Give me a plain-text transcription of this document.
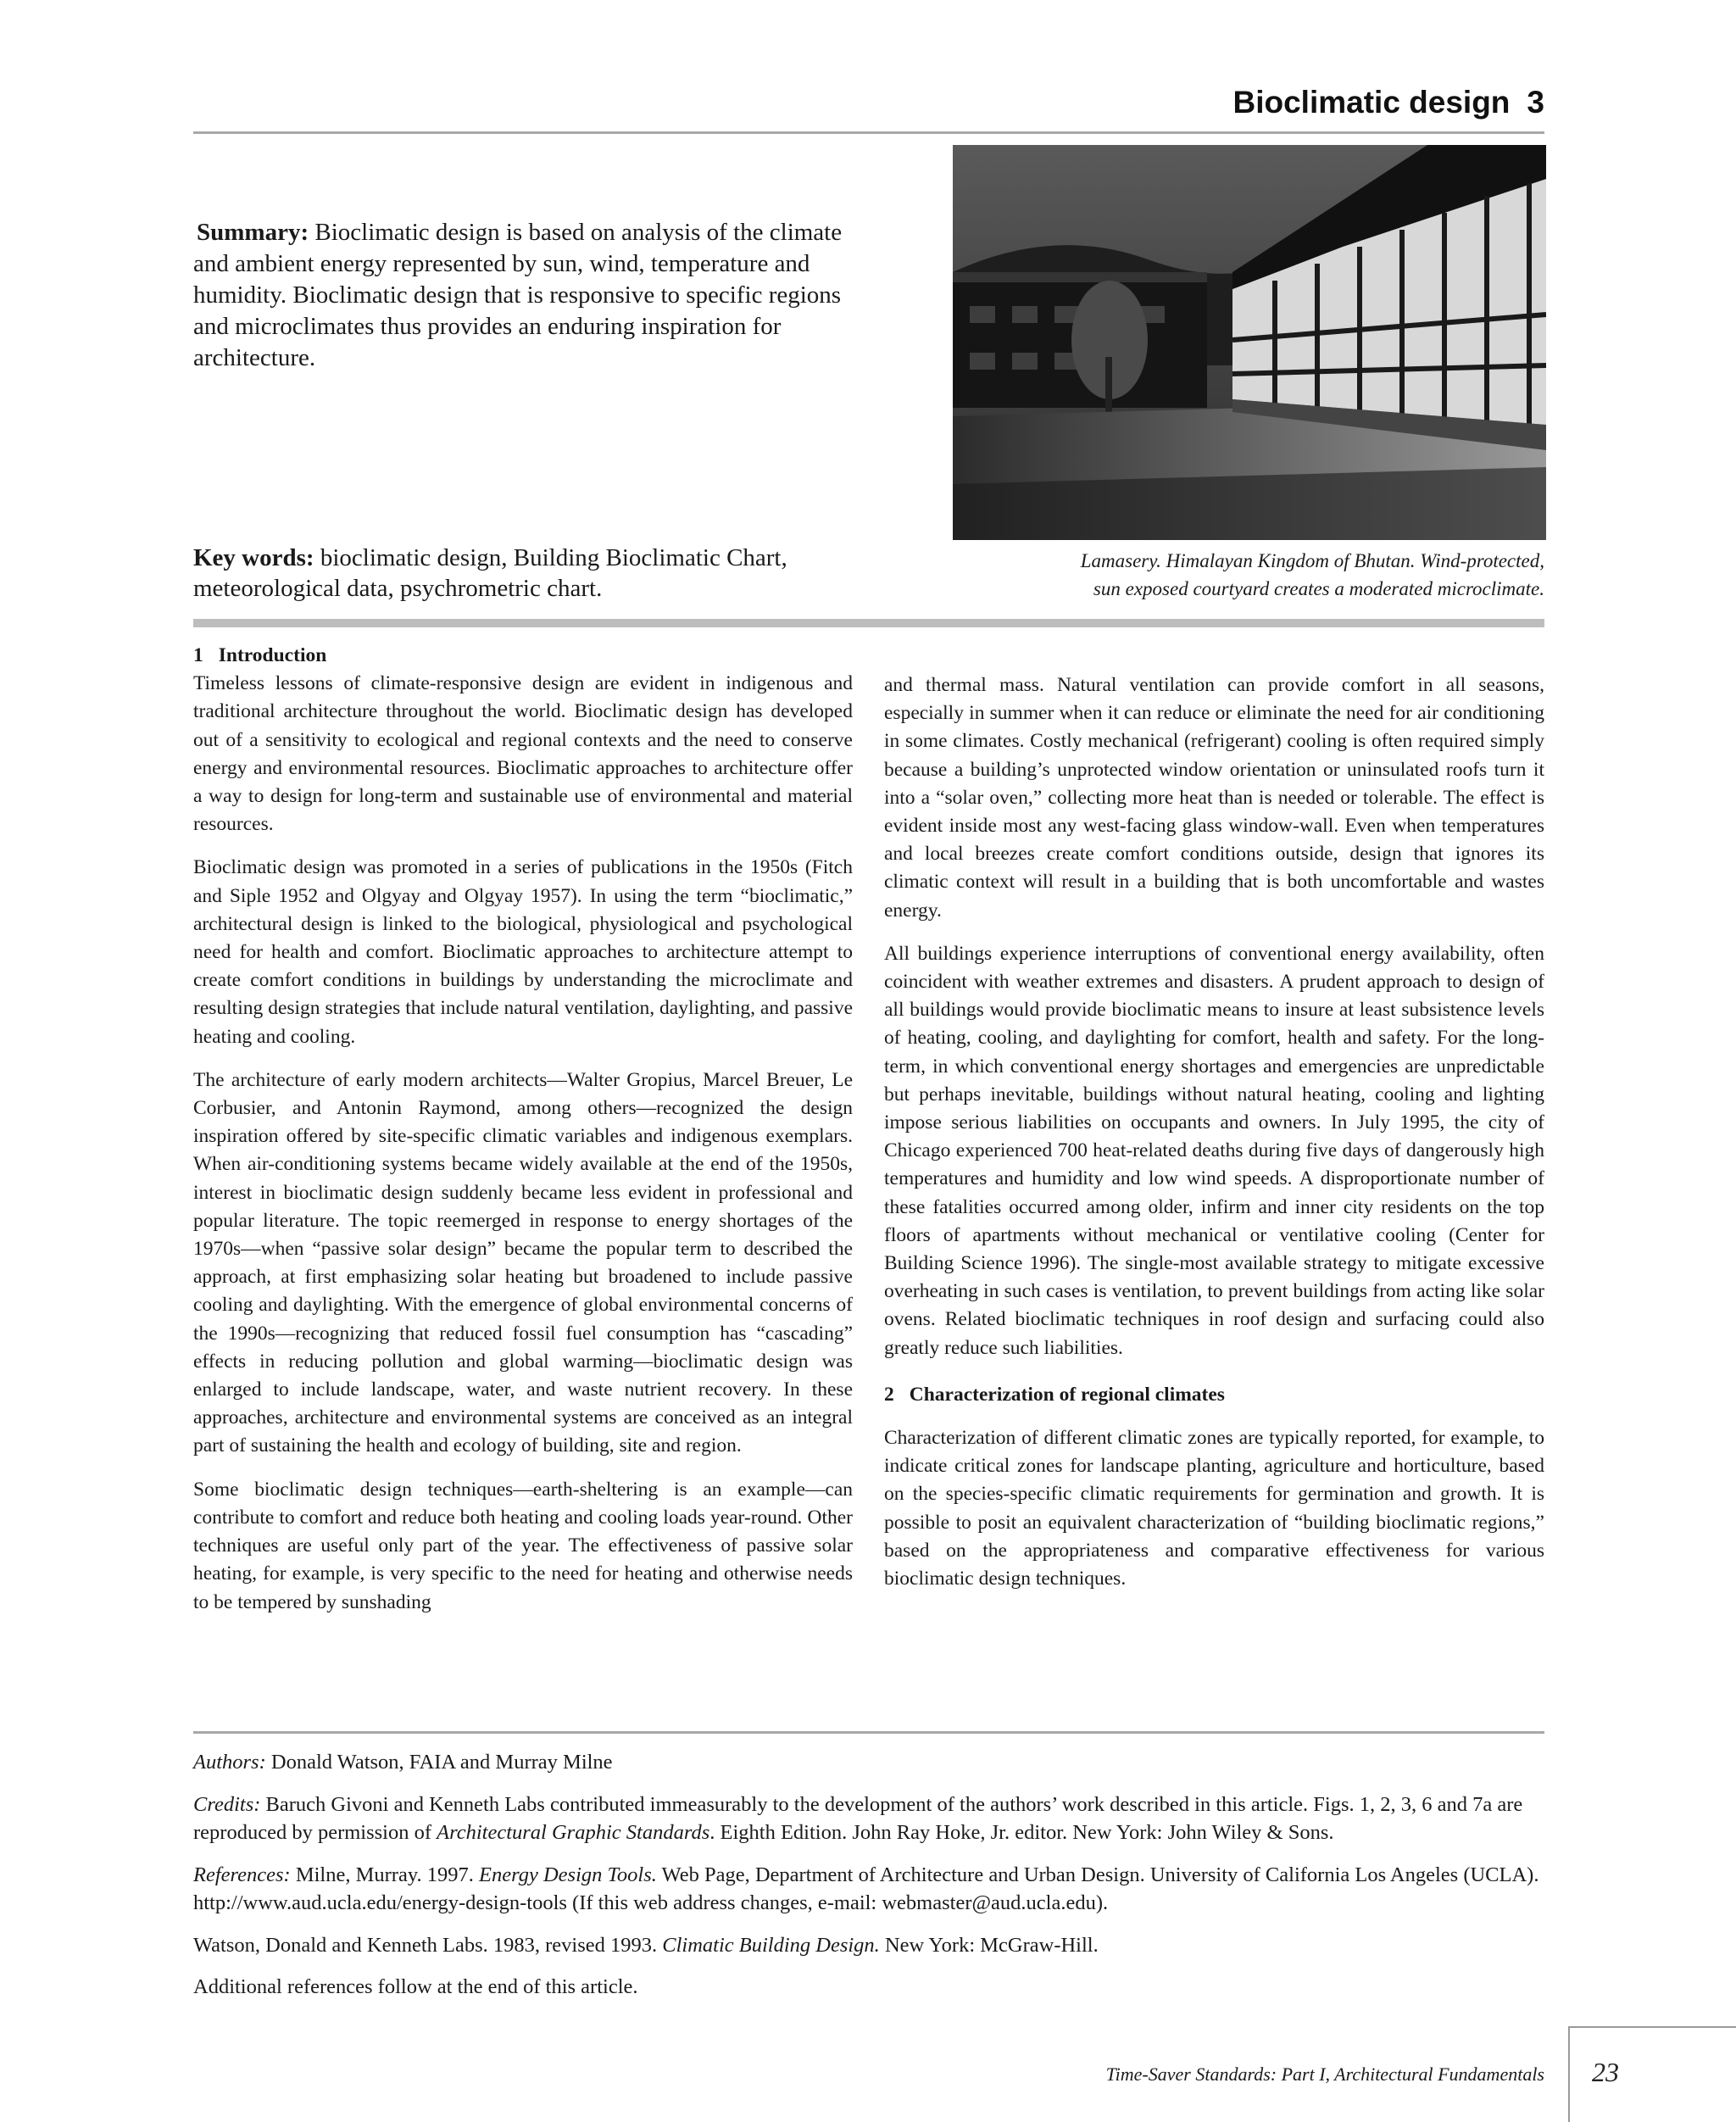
Bioclimatic design 3
Summary: Bioclimatic design is based on analysis of the climate and ambient energy represented by sun, wind, temperature and humidity. Bioclimatic design that is responsive to specific regions and microclimates thus provides an enduring inspiration for architecture.
Key words: bioclimatic design, Building Bioclimatic Chart, meteorological data, psychrometric chart.
Lamasery. Himalayan Kingdom of Bhutan. Wind-protected,
sun exposed courtyard creates a moderated microclimate.
1 Introduction

Timeless lessons of climate-responsive design are evident in indigenous and traditional architecture throughout the world. Bioclimatic design has developed out of a sensitivity to ecological and regional contexts and the need to conserve energy and environmental resources. Bioclimatic approaches to architecture offer a way to design for long-term and sustainable use of environmental and material resources.

Bioclimatic design was promoted in a series of publications in the 1950s (Fitch and Siple 1952 and Olgyay and Olgyay 1957). In using the term “bioclimatic,” architectural design is linked to the biological, physiological and psychological need for health and comfort. Bioclimatic approaches to architecture attempt to create comfort conditions in buildings by understanding the microclimate and resulting design strategies that include natural ventilation, daylighting, and passive heating and cooling.

The architecture of early modern architects—Walter Gropius, Marcel Breuer, Le Corbusier, and Antonin Raymond, among others—recognized the design inspiration offered by site-specific climatic variables and indigenous exemplars. When air-conditioning systems became widely available at the end of the 1950s, interest in bioclimatic design suddenly became less evident in professional and popular literature. The topic reemerged in response to energy shortages of the 1970s—when “passive solar design” became the popular term to described the approach, at first emphasizing solar heating but broadened to include passive cooling and daylighting. With the emergence of global environmental concerns of the 1990s—recognizing that reduced fossil fuel consumption has “cascading” effects in reducing pollution and global warming—bioclimatic design was enlarged to include landscape, water, and waste nutrient recovery. In these approaches, architecture and environmental systems are conceived as an integral part of sustaining the health and ecology of building, site and region.

Some bioclimatic design techniques—earth-sheltering is an example—can contribute to comfort and reduce both heating and cooling loads year-round. Other techniques are useful only part of the year. The effectiveness of passive solar heating, for example, is very specific to the need for heating and otherwise needs to be tempered by sunshading

and thermal mass. Natural ventilation can provide comfort in all seasons, especially in summer when it can reduce or eliminate the need for air conditioning in some climates. Costly mechanical (refrigerant) cooling is often required simply because a building’s unprotected window orientation or uninsulated roofs turn it into a “solar oven,” collecting more heat than is needed or tolerable. The effect is evident inside most any west-facing glass window-wall. Even when temperatures and local breezes create comfort conditions outside, design that ignores its climatic context will result in a building that is both uncomfortable and wastes energy.

All buildings experience interruptions of conventional energy availability, often coincident with weather extremes and disasters. A prudent approach to design of all buildings would provide bioclimatic means to insure at least subsistence levels of heating, cooling, and daylighting for comfort, health and safety. For the long-term, in which conventional energy shortages and emergencies are unpredictable but perhaps inevitable, buildings without natural heating, cooling and lighting impose serious liabilities on occupants and owners. In July 1995, the city of Chicago experienced 700 heat-related deaths during five days of dangerously high temperatures and humidity and low wind speeds. A disproportionate number of these fatalities occurred among older, infirm and inner city residents on the top floors of apartments without mechanical or ventilative cooling (Center for Building Science 1996). The single-most available strategy to mitigate excessive overheating in such cases is ventilation, to prevent buildings from acting like solar ovens. Related bioclimatic techniques in roof design and surfacing could also greatly reduce such liabilities.

2 Characterization of regional climates

Characterization of different climatic zones are typically reported, for example, to indicate critical zones for landscape planting, agriculture and horticulture, based on the species-specific climatic requirements for germination and growth. It is possible to posit an equivalent characterization of “building bioclimatic regions,” based on the appropriateness and comparative effectiveness for various bioclimatic design techniques.

Authors: Donald Watson, FAIA and Murray Milne

Credits: Baruch Givoni and Kenneth Labs contributed immeasurably to the development of the authors’ work described in this article. Figs. 1, 2, 3, 6 and 7a are reproduced by permission of Architectural Graphic Standards. Eighth Edition. John Ray Hoke, Jr. editor. New York: John Wiley & Sons.

References: Milne, Murray. 1997. Energy Design Tools. Web Page, Department of Architecture and Urban Design. University of California Los Angeles (UCLA). http://www.aud.ucla.edu/energy-design-tools (If this web address changes, e-mail: webmaster@aud.ucla.edu).

Watson, Donald and Kenneth Labs. 1983, revised 1993. Climatic Building Design. New York: McGraw-Hill.

Additional references follow at the end of this article.

Time-Saver Standards: Part I, Architectural Fundamentals 23
